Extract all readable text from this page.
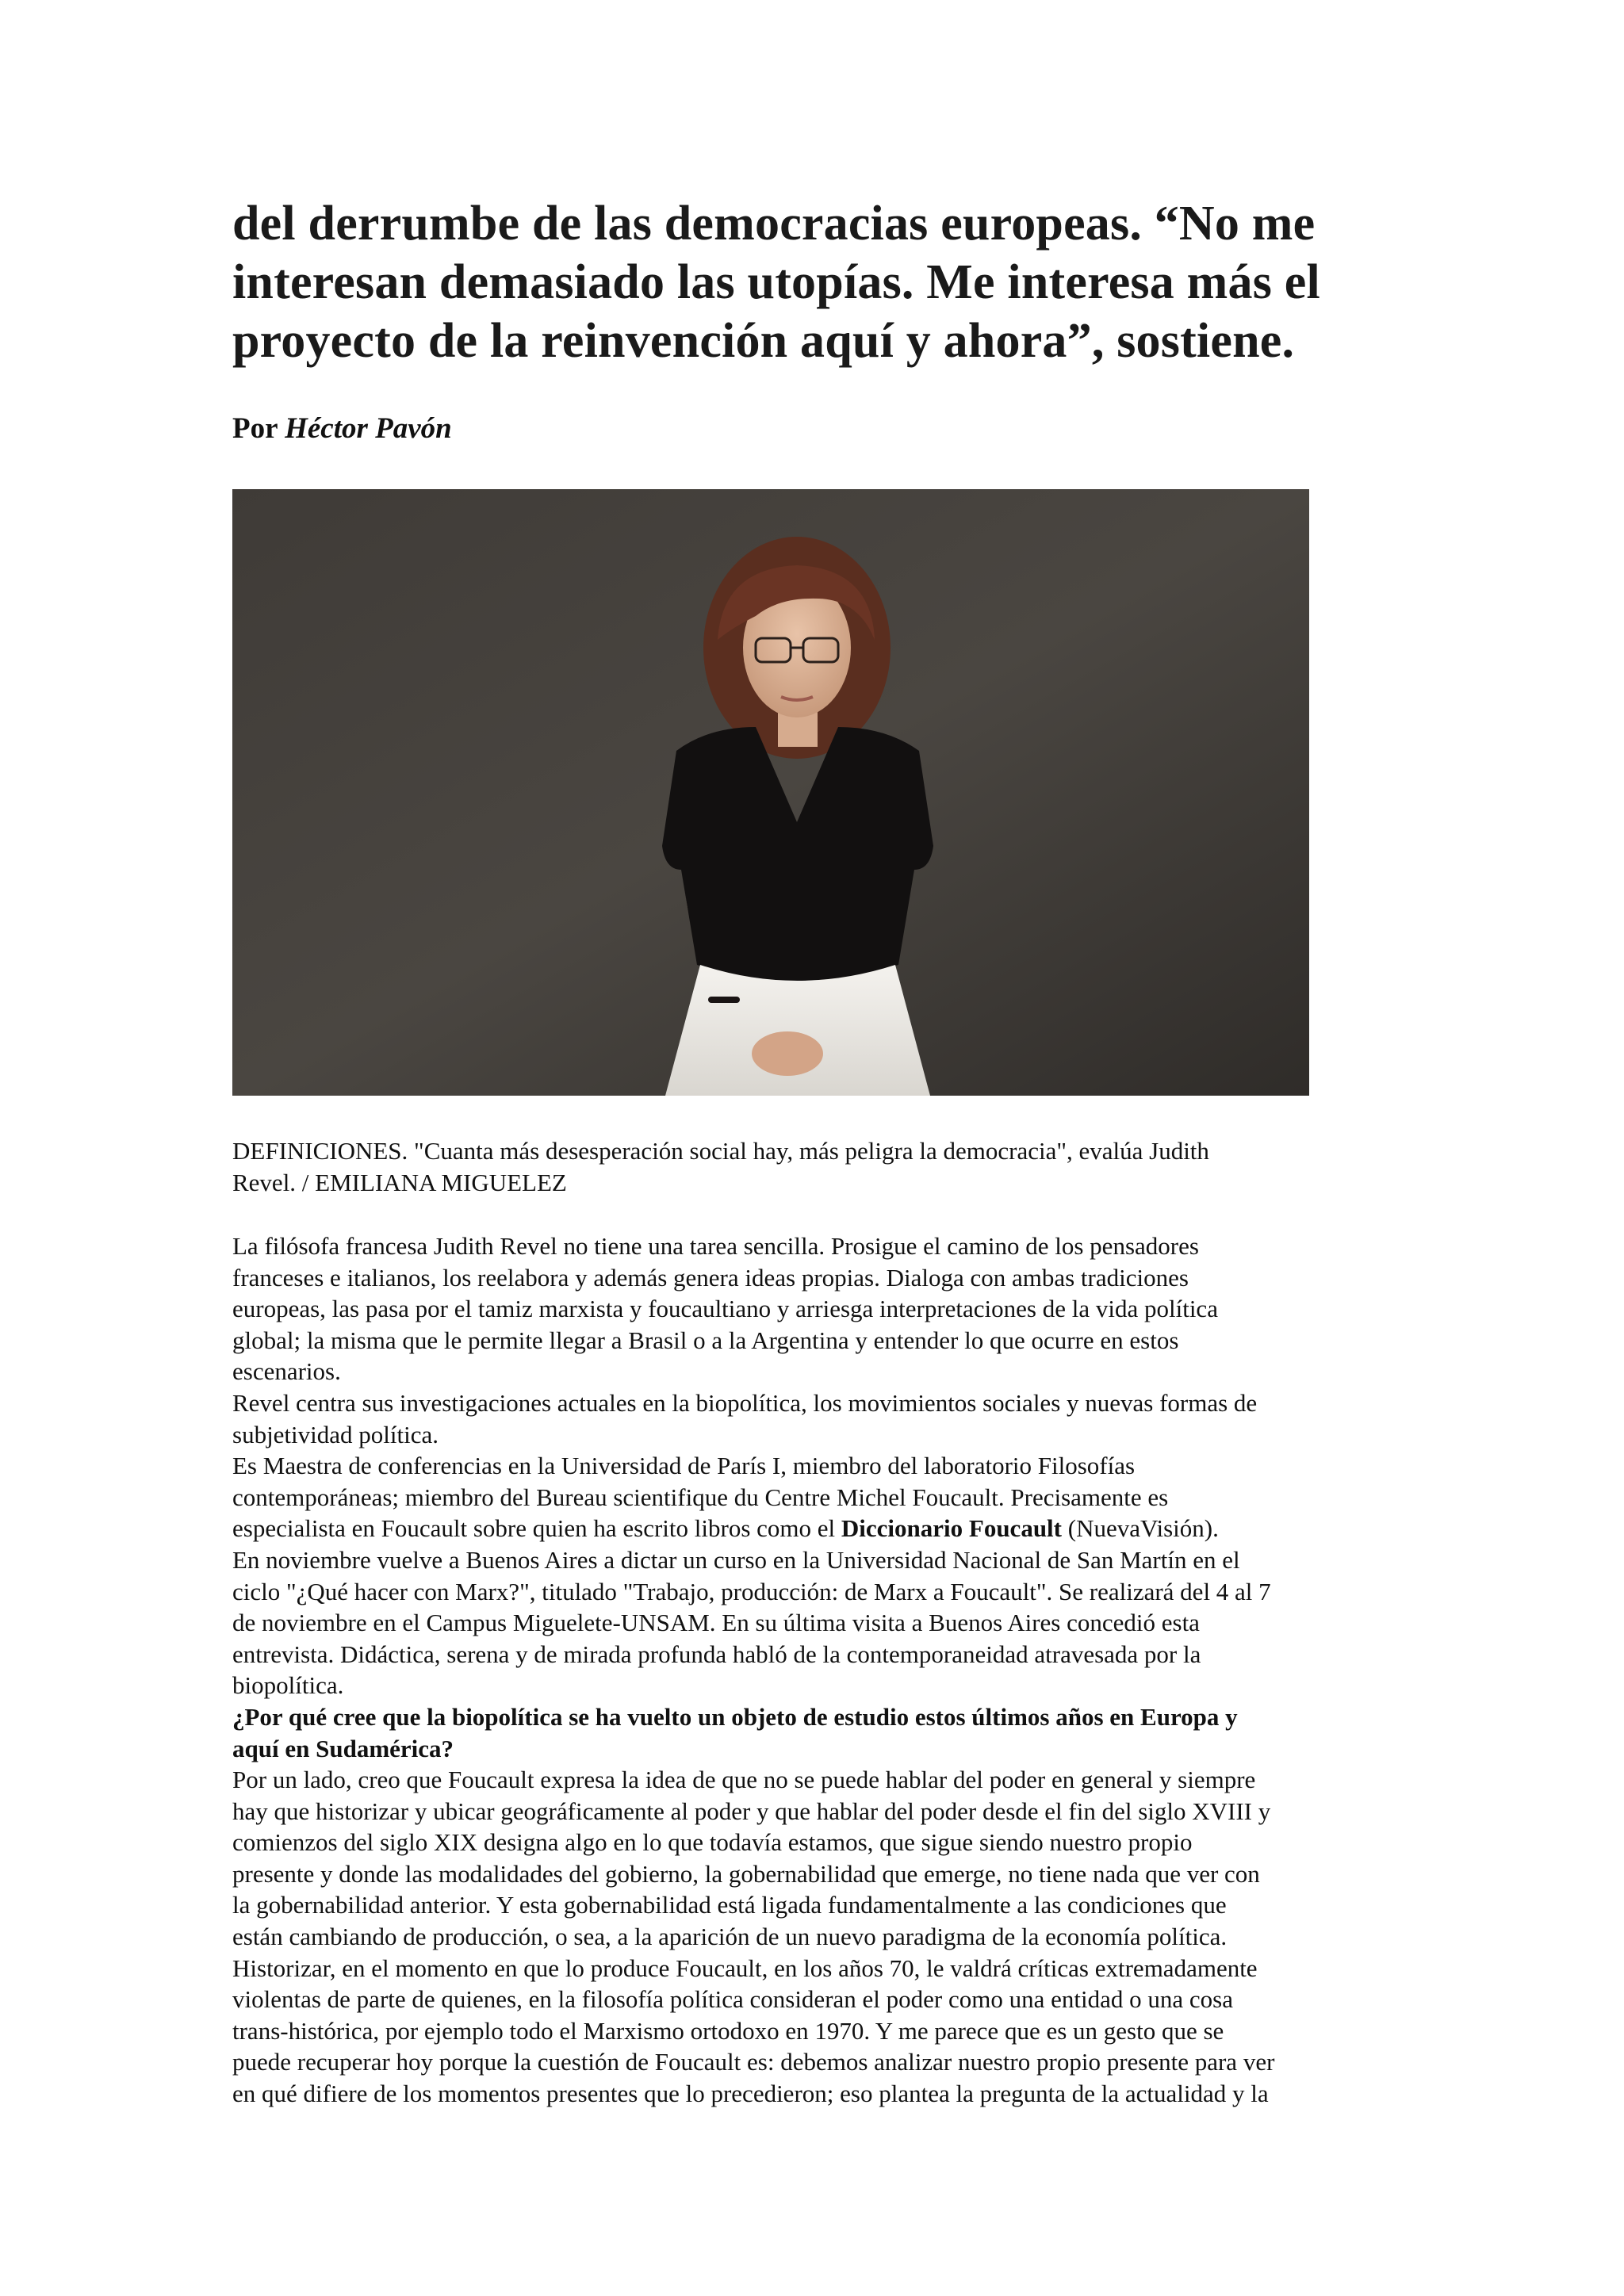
del derrumbe de las democracias europeas. “No me
interesan demasiado las utopías. Me interesa más el
proyecto de la reinvención aquí y ahora”, sostiene.
Por Héctor Pavón
DEFINICIONES. "Cuanta más desesperación social hay, más peligra la democracia", evalúa Judith
Revel. / EMILIANA MIGUELEZ

La filósofa francesa Judith Revel no tiene una tarea sencilla. Prosigue el camino de los pensadores
franceses e italianos, los reelabora y además genera ideas propias. Dialoga con ambas tradiciones
europeas, las pasa por el tamiz marxista y foucaultiano y arriesga interpretaciones de la vida política
global; la misma que le permite llegar a Brasil o a la Argentina y entender lo que ocurre en estos
escenarios.

Revel centra sus investigaciones actuales en la biopolítica, los movimientos sociales y nuevas formas de
subjetividad política.

Es Maestra de conferencias en la Universidad de París I, miembro del laboratorio Filosofías
contemporáneas; miembro del Bureau scientifique du Centre Michel Foucault. Precisamente es
especialista en Foucault sobre quien ha escrito libros como el Diccionario Foucault (NuevaVisión).

En noviembre vuelve a Buenos Aires a dictar un curso en la Universidad Nacional de San Martín en el
ciclo "¿Qué hacer con Marx?", titulado "Trabajo, producción: de Marx a Foucault". Se realizará del 4 al 7
de noviembre en el Campus Miguelete-UNSAM. En su última visita a Buenos Aires concedió esta
entrevista. Didáctica, serena y de mirada profunda habló de la contemporaneidad atravesada por la
biopolítica.

¿Por qué cree que la biopolítica se ha vuelto un objeto de estudio estos últimos años en Europa y
aquí en Sudamérica?

Por un lado, creo que Foucault expresa la idea de que no se puede hablar del poder en general y siempre
hay que historizar y ubicar geográficamente al poder y que hablar del poder desde el fin del siglo XVIII y
comienzos del siglo XIX designa algo en lo que todavía estamos, que sigue siendo nuestro propio
presente y donde las modalidades del gobierno, la gobernabilidad que emerge, no tiene nada que ver con
la gobernabilidad anterior. Y esta gobernabilidad está ligada fundamentalmente a las condiciones que
están cambiando de producción, o sea, a la aparición de un nuevo paradigma de la economía política.
Historizar, en el momento en que lo produce Foucault, en los años 70, le valdrá críticas extremadamente
violentas de parte de quienes, en la filosofía política consideran el poder como una entidad o una cosa
trans-histórica, por ejemplo todo el Marxismo ortodoxo en 1970. Y me parece que es un gesto que se
puede recuperar hoy porque la cuestión de Foucault es: debemos analizar nuestro propio presente para ver
en qué difiere de los momentos presentes que lo precedieron; eso plantea la pregunta de la actualidad y la
